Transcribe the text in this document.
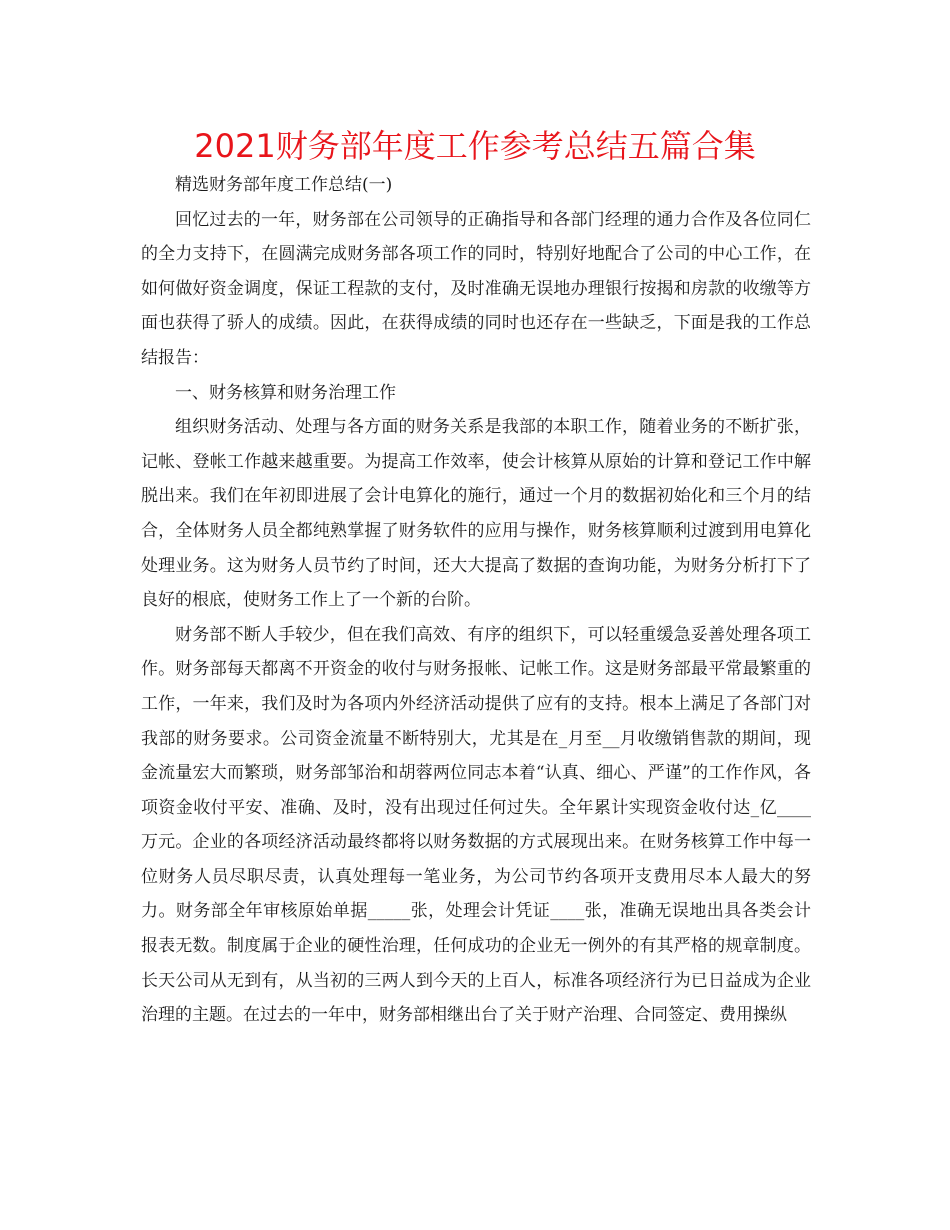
2021财务部年度工作参考总结五篇合集

精选财务部年度工作总结(一)

回忆过去的一年，财务部在公司领导的正确指导和各部门经理的通力合作及各位同仁的全力支持下，在圆满完成财务部各项工作的同时，特别好地配合了公司的中心工作，在如何做好资金调度，保证工程款的支付，及时准确无误地办理银行按揭和房款的收缴等方面也获得了骄人的成绩。因此，在获得成绩的同时也还存在一些缺乏，下面是我的工作总结报告：

一、财务核算和财务治理工作

组织财务活动、处理与各方面的财务关系是我部的本职工作，随着业务的不断扩张，记帐、登帐工作越来越重要。为提高工作效率，使会计核算从原始的计算和登记工作中解脱出来。我们在年初即进展了会计电算化的施行，通过一个月的数据初始化和三个月的结合，全体财务人员全都纯熟掌握了财务软件的应用与操作，财务核算顺利过渡到用电算化处理业务。这为财务人员节约了时间，还大大提高了数据的查询功能，为财务分析打下了良好的根底，使财务工作上了一个新的台阶。

财务部不断人手较少，但在我们高效、有序的组织下，可以轻重缓急妥善处理各项工作。财务部每天都离不开资金的收付与财务报帐、记帐工作。这是财务部最平常最繁重的工作，一年来，我们及时为各项内外经济活动提供了应有的支持。根本上满足了各部门对我部的财务要求。公司资金流量不断特别大，尤其是在_月至__月收缴销售款的期间，现金流量宏大而繁琐，财务部邹治和胡蓉两位同志本着“认真、细心、严谨”的工作作风，各项资金收付平安、准确、及时，没有出现过任何过失。全年累计实现资金收付达_亿____万元。企业的各项经济活动最终都将以财务数据的方式展现出来。在财务核算工作中每一位财务人员尽职尽责，认真处理每一笔业务，为公司节约各项开支费用尽本人最大的努力。财务部全年审核原始单据_____张，处理会计凭证____张，准确无误地出具各类会计报表无数。制度属于企业的硬性治理，任何成功的企业无一例外的有其严格的规章制度。长天公司从无到有，从当初的三两人到今天的上百人，标准各项经济行为已日益成为企业治理的主题。在过去的一年中，财务部相继出台了关于财产治理、合同签定、费用操纵
